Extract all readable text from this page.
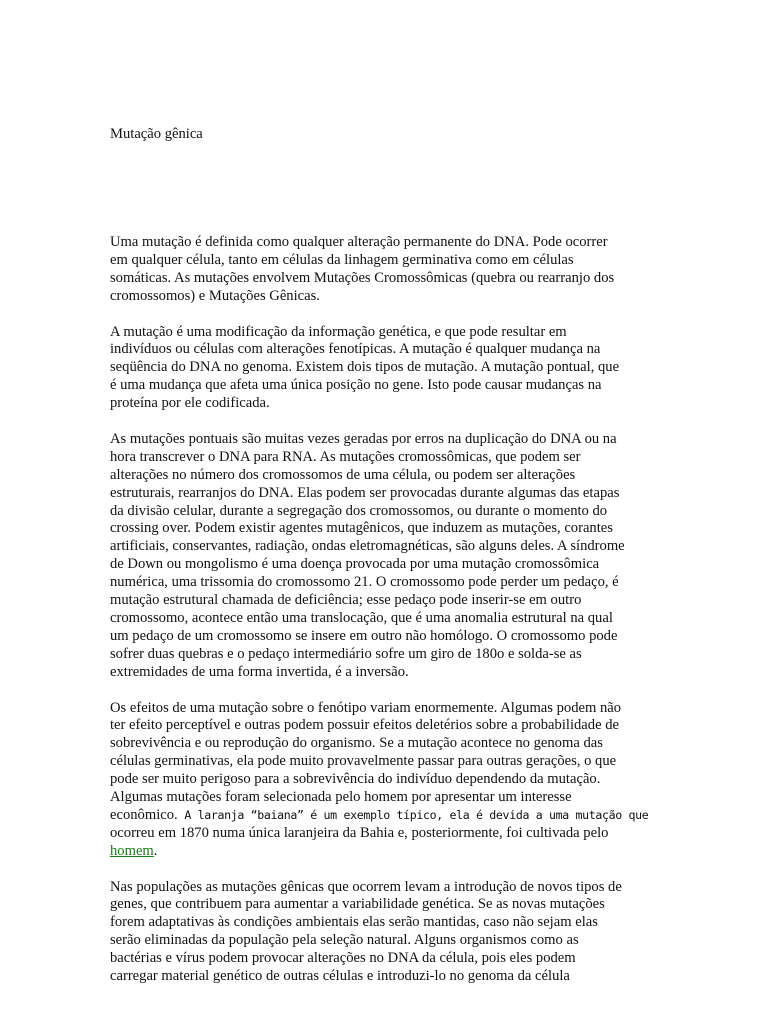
Mutação gênica

Uma mutação é definida como qualquer alteração permanente do DNA. Pode ocorrer
em qualquer célula, tanto em células da linhagem germinativa como em células
somáticas. As mutações envolvem Mutações Cromossômicas (quebra ou rearranjo dos
cromossomos) e Mutações Gênicas.

A mutação é uma modificação da informação genética, e que pode resultar em
indivíduos ou células com alterações fenotípicas. A mutação é qualquer mudança na
seqüência do DNA no genoma. Existem dois tipos de mutação. A mutação pontual, que
é uma mudança que afeta uma única posição no gene. Isto pode causar mudanças na
proteína por ele codificada.

As mutações pontuais são muitas vezes geradas por erros na duplicação do DNA ou na
hora transcrever o DNA para RNA. As mutações cromossômicas, que podem ser
alterações no número dos cromossomos de uma célula, ou podem ser alterações
estruturais, rearranjos do DNA. Elas podem ser provocadas durante algumas das etapas
da divisão celular, durante a segregação dos cromossomos, ou durante o momento do
crossing over. Podem existir agentes mutagênicos, que induzem as mutações, corantes
artificiais, conservantes, radiação, ondas eletromagnéticas, são alguns deles. A síndrome
de Down ou mongolismo é uma doença provocada por uma mutação cromossômica
numérica, uma trissomia do cromossomo 21. O cromossomo pode perder um pedaço, é
mutação estrutural chamada de deficiência; esse pedaço pode inserir-se em outro
cromossomo, acontece então uma translocação, que é uma anomalia estrutural na qual
um pedaço de um cromossomo se insere em outro não homólogo. O cromossomo pode
sofrer duas quebras e o pedaço intermediário sofre um giro de 180o e solda-se as
extremidades de uma forma invertida, é a inversão.

Os efeitos de uma mutação sobre o fenótipo variam enormemente. Algumas podem não
ter efeito perceptível e outras podem possuir efeitos deletérios sobre a probabilidade de
sobrevivência e ou reprodução do organismo. Se a mutação acontece no genoma das
células germinativas, ela pode muito provavelmente passar para outras gerações, o que
pode ser muito perigoso para a sobrevivência do indivíduo dependendo da mutação.
Algumas mutações foram selecionada pelo homem por apresentar um interesse
econômico. A laranja “baiana” é um exemplo típico, ela é devida a uma mutação que
ocorreu em 1870 numa única laranjeira da Bahia e, posteriormente, foi cultivada pelo
homem.

Nas populações as mutações gênicas que ocorrem levam a introdução de novos tipos de
genes, que contribuem para aumentar a variabilidade genética. Se as novas mutações
forem adaptativas às condições ambientais elas serão mantidas, caso não sejam elas
serão eliminadas da população pela seleção natural. Alguns organismos como as
bactérias e vírus podem provocar alterações no DNA da célula, pois eles podem
carregar material genético de outras células e introduzi-lo no genoma da célula
